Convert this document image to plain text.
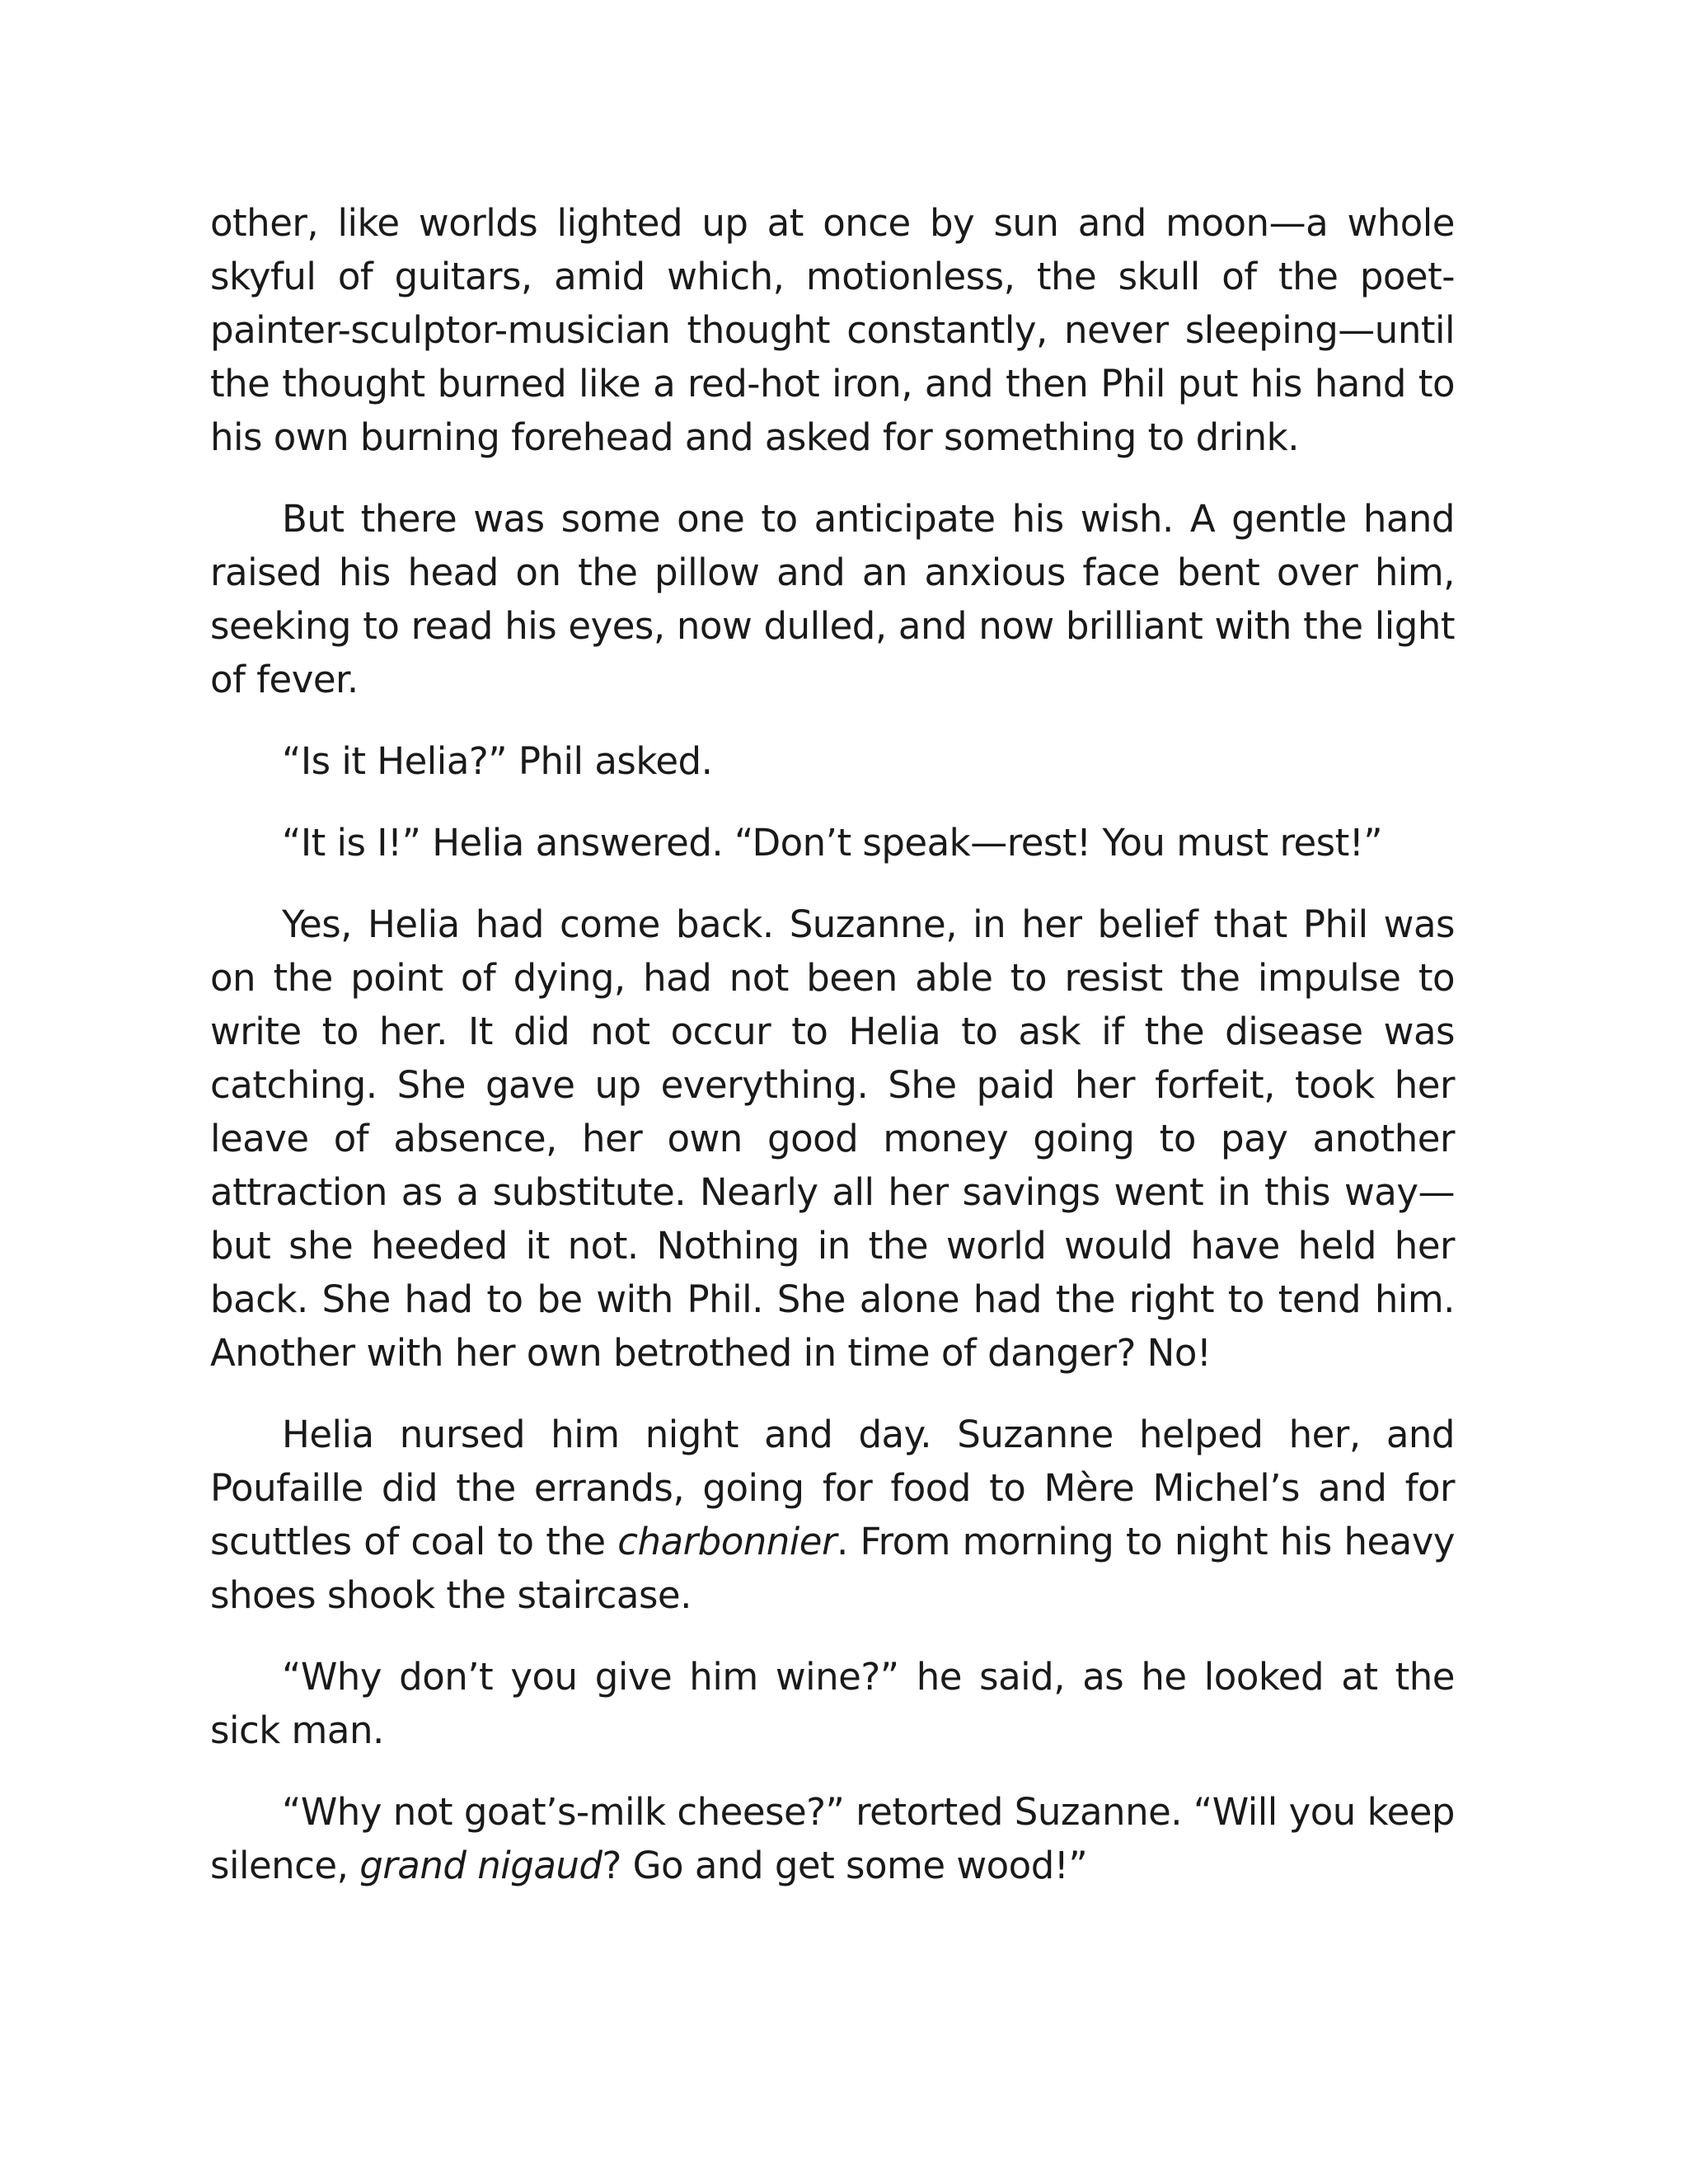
other, like worlds lighted up at once by sun and moon—a whole skyful of guitars, amid which, motionless, the skull of the poet-painter-sculptor-musician thought constantly, never sleeping—until the thought burned like a red-hot iron, and then Phil put his hand to his own burning forehead and asked for something to drink.

But there was some one to anticipate his wish. A gentle hand raised his head on the pillow and an anxious face bent over him, seeking to read his eyes, now dulled, and now brilliant with the light of fever.

“Is it Helia?” Phil asked.

“It is I!” Helia answered. “Don’t speak—rest! You must rest!”

Yes, Helia had come back. Suzanne, in her belief that Phil was on the point of dying, had not been able to resist the impulse to write to her. It did not occur to Helia to ask if the disease was catching. She gave up everything. She paid her forfeit, took her leave of absence, her own good money going to pay another attraction as a substitute. Nearly all her savings went in this way—but she heeded it not. Nothing in the world would have held her back. She had to be with Phil. She alone had the right to tend him. Another with her own betrothed in time of danger? No!

Helia nursed him night and day. Suzanne helped her, and Poufaille did the errands, going for food to Mère Michel’s and for scuttles of coal to the charbonnier. From morning to night his heavy shoes shook the staircase.

“Why don’t you give him wine?” he said, as he looked at the sick man.

“Why not goat’s-milk cheese?” retorted Suzanne. “Will you keep silence, grand nigaud? Go and get some wood!”
